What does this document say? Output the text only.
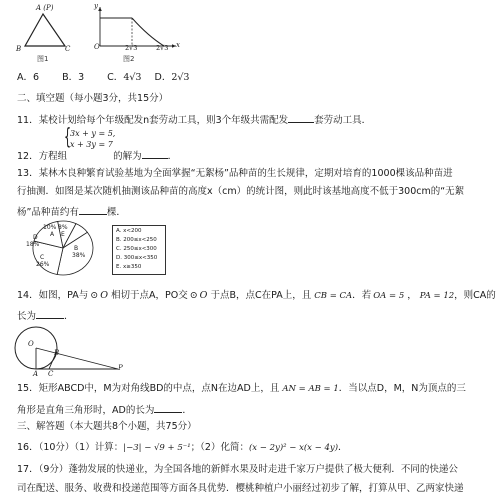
A (P)
B	C
图1
y
x
O	2√3	2√3
图2
A．6 B．3 C．4√3 D．2√3
二、填空题（每小题3分，共15分）
11．某校计划给每个年级配发n套劳动工具，则3个年级共需配发	套劳动工具．
12．方程组	的解为	．
{ 3x + y = 5,
x + 3y = 7
13．某林木良种繁育试验基地为全面掌握“无絮杨”品种苗的生长规律，定期对培育的1000棵该品种苗进
行抽测．如图是某次随机抽测该品种苗的高度x（cm）的统计图，则此时该基地高度不低于300cm的“无絮
杨”品种苗约有	棵．
10% 8%
A E
D
18%
B
38%
C
26%
A. x<200
B. 200≤x<250
C. 250≤x<300
D. 300≤x<350
E. x≥350
14．如图，PA与 ⊙ O 相切于点A，PO交 ⊙ O 于点B，点C在PA上，且 CB = CA．若 OA = 5 ， PA = 12，则CA的
长为	．
O
B
A C
P
15．矩形ABCD中，M为对角线BD的中点，点N在边AD上，且 AN = AB = 1．当以点D，M，N为顶点的三
角形是直角三角形时，AD的长为	．
三、解答题（本大题共8个小题，共75分）
16．（10分）（1）计算：|−3| − √9 + 5⁻¹；（2）化简：(x − 2y)² − x(x − 4y)．
17．（9分）蓬勃发展的快递业，为全国各地的新鲜水果及时走进千家万户提供了极大便利．不同的快递公
司在配送、服务、收费和投递范围等方面各具优势．樱桃种植户小丽经过初步了解，打算从甲、乙两家快递
